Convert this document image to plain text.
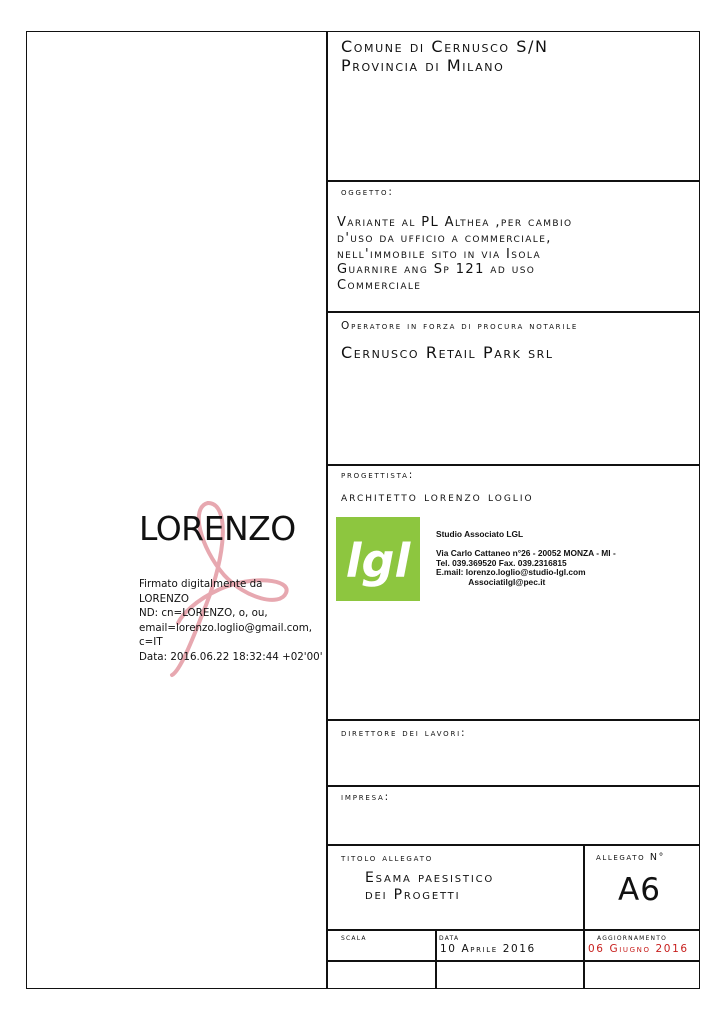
Comune di Cernusco S/N
Provincia di Milano
oggetto:
Variante al PL Althea ,per cambio
d'uso da ufficio a commerciale,
nell'immobile sito in via Isola
Guarnire ang Sp 121 ad uso
Commerciale
Operatore in forza di procura notarile
Cernusco Retail Park srl
progettista:
architetto lorenzo loglio
lgl	Studio Associato LGL

Via Carlo Cattaneo n°26 - 20052 MONZA - MI -
Tel. 039.369520 Fax. 039.2316815
E.mail: lorenzo.loglio@studio-lgl.com
Associatilgl@pec.it
direttore dei lavori:
impresa:
titolo allegato
Esama paesistico
dei Progetti
allegato N°
A6
scala	data
10 Aprile 2016
aggiornamento
06 Giugno 2016
LORENZO
Firmato digitalmente da
LORENZO
ND: cn=LORENZO, o, ou,
email=lorenzo.loglio@gmail.com,
c=IT
Data: 2016.06.22 18:32:44 +02'00'
